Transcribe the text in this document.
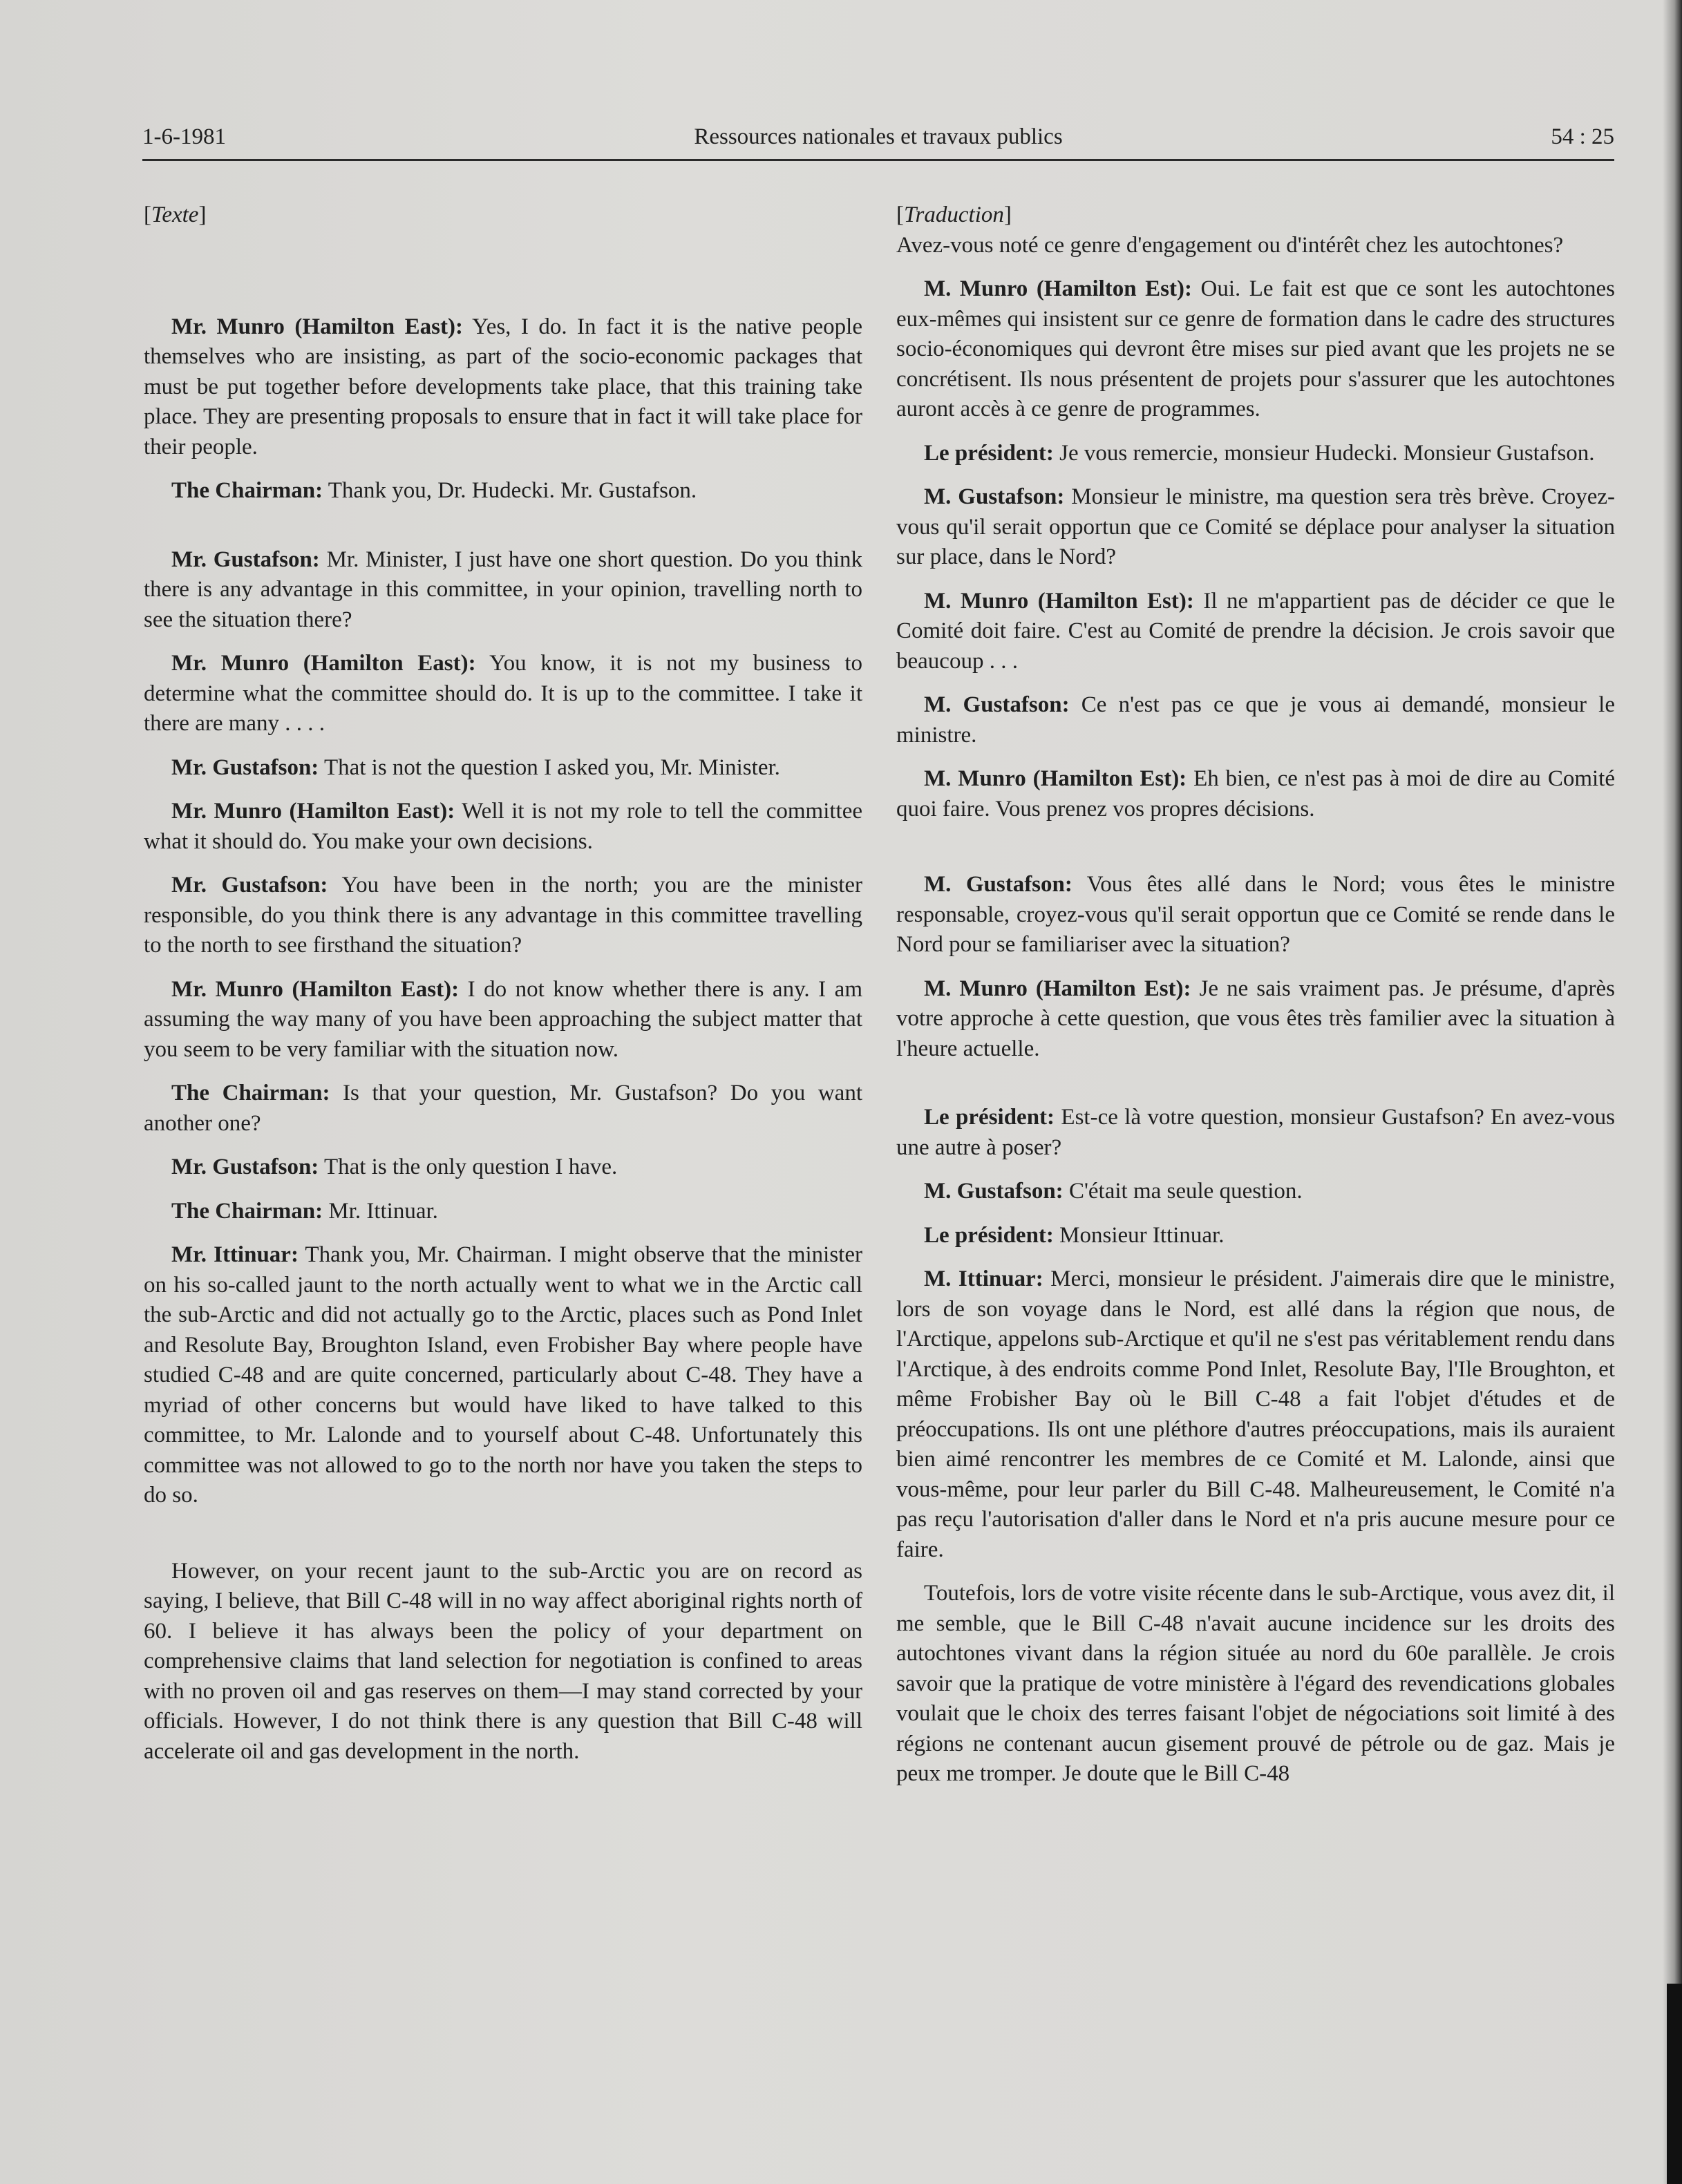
1-6-1981	Ressources nationales et travaux publics	54 : 25
[Texte]

Mr. Munro (Hamilton East): Yes, I do. In fact it is the native people themselves who are insisting, as part of the socio-economic packages that must be put together before developments take place, that this training take place. They are presenting proposals to ensure that in fact it will take place for their people.

The Chairman: Thank you, Dr. Hudecki. Mr. Gustafson.

Mr. Gustafson: Mr. Minister, I just have one short question. Do you think there is any advantage in this committee, in your opinion, travelling north to see the situation there?

Mr. Munro (Hamilton East): You know, it is not my business to determine what the committee should do. It is up to the committee. I take it there are many . . . .

Mr. Gustafson: That is not the question I asked you, Mr. Minister.

Mr. Munro (Hamilton East): Well it is not my role to tell the committee what it should do. You make your own decisions.

Mr. Gustafson: You have been in the north; you are the minister responsible, do you think there is any advantage in this committee travelling to the north to see firsthand the situation?

Mr. Munro (Hamilton East): I do not know whether there is any. I am assuming the way many of you have been approaching the subject matter that you seem to be very familiar with the situation now.

The Chairman: Is that your question, Mr. Gustafson? Do you want another one?

Mr. Gustafson: That is the only question I have.

The Chairman: Mr. Ittinuar.

Mr. Ittinuar: Thank you, Mr. Chairman. I might observe that the minister on his so-called jaunt to the north actually went to what we in the Arctic call the sub-Arctic and did not actually go to the Arctic, places such as Pond Inlet and Resolute Bay, Broughton Island, even Frobisher Bay where people have studied C-48 and are quite concerned, particularly about C-48. They have a myriad of other concerns but would have liked to have talked to this committee, to Mr. Lalonde and to yourself about C-48. Unfortunately this committee was not allowed to go to the north nor have you taken the steps to do so.

However, on your recent jaunt to the sub-Arctic you are on record as saying, I believe, that Bill C-48 will in no way affect aboriginal rights north of 60. I believe it has always been the policy of your department on comprehensive claims that land selection for negotiation is confined to areas with no proven oil and gas reserves on them—I may stand corrected by your officials. However, I do not think there is any question that Bill C-48 will accelerate oil and gas development in the north.

[Traduction]

Avez-vous noté ce genre d'engagement ou d'intérêt chez les autochtones?

M. Munro (Hamilton Est): Oui. Le fait est que ce sont les autochtones eux-mêmes qui insistent sur ce genre de formation dans le cadre des structures socio-économiques qui devront être mises sur pied avant que les projets ne se concrétisent. Ils nous présentent de projets pour s'assurer que les autochtones auront accès à ce genre de programmes.

Le président: Je vous remercie, monsieur Hudecki. Monsieur Gustafson.

M. Gustafson: Monsieur le ministre, ma question sera très brève. Croyez-vous qu'il serait opportun que ce Comité se déplace pour analyser la situation sur place, dans le Nord?

M. Munro (Hamilton Est): Il ne m'appartient pas de décider ce que le Comité doit faire. C'est au Comité de prendre la décision. Je crois savoir que beaucoup . . .

M. Gustafson: Ce n'est pas ce que je vous ai demandé, monsieur le ministre.

M. Munro (Hamilton Est): Eh bien, ce n'est pas à moi de dire au Comité quoi faire. Vous prenez vos propres décisions.

M. Gustafson: Vous êtes allé dans le Nord; vous êtes le ministre responsable, croyez-vous qu'il serait opportun que ce Comité se rende dans le Nord pour se familiariser avec la situation?

M. Munro (Hamilton Est): Je ne sais vraiment pas. Je présume, d'après votre approche à cette question, que vous êtes très familier avec la situation à l'heure actuelle.

Le président: Est-ce là votre question, monsieur Gustafson? En avez-vous une autre à poser?

M. Gustafson: C'était ma seule question.

Le président: Monsieur Ittinuar.

M. Ittinuar: Merci, monsieur le président. J'aimerais dire que le ministre, lors de son voyage dans le Nord, est allé dans la région que nous, de l'Arctique, appelons sub-Arctique et qu'il ne s'est pas véritablement rendu dans l'Arctique, à des endroits comme Pond Inlet, Resolute Bay, l'Ile Broughton, et même Frobisher Bay où le Bill C-48 a fait l'objet d'études et de préoccupations. Ils ont une pléthore d'autres préoccupations, mais ils auraient bien aimé rencontrer les membres de ce Comité et M. Lalonde, ainsi que vous-même, pour leur parler du Bill C-48. Malheureusement, le Comité n'a pas reçu l'autorisation d'aller dans le Nord et n'a pris aucune mesure pour ce faire.

Toutefois, lors de votre visite récente dans le sub-Arctique, vous avez dit, il me semble, que le Bill C-48 n'avait aucune incidence sur les droits des autochtones vivant dans la région située au nord du 60e parallèle. Je crois savoir que la pratique de votre ministère à l'égard des revendications globales voulait que le choix des terres faisant l'objet de négociations soit limité à des régions ne contenant aucun gisement prouvé de pétrole ou de gaz. Mais je peux me tromper. Je doute que le Bill C-48
